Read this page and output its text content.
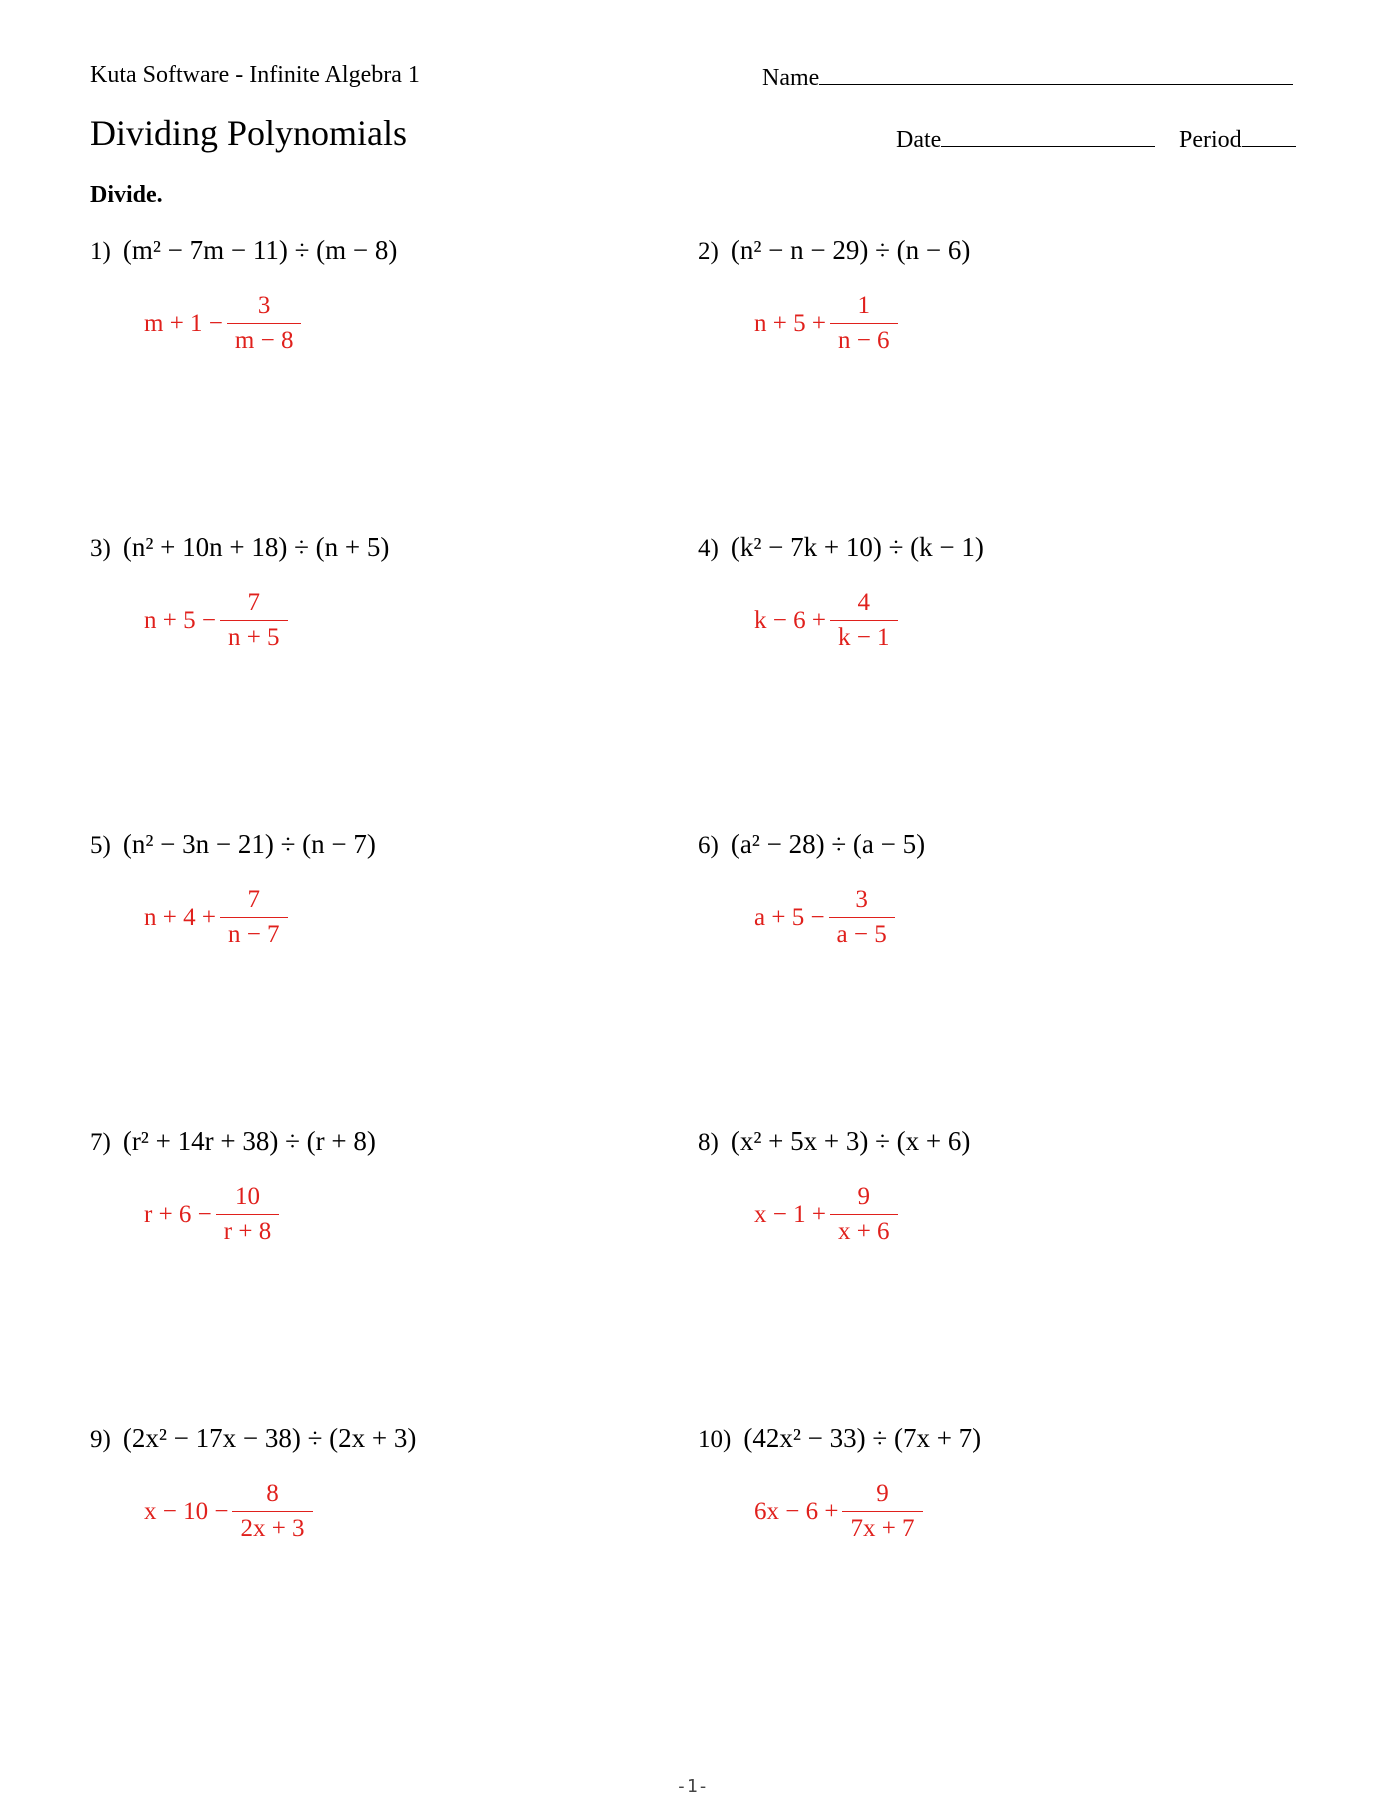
Kuta Software - Infinite Algebra 1	Name
Dividing Polynomials	Date	Period
Divide.
1) (m² − 7m − 11) ÷ (m − 8)
$m + 1 - \frac{3}{m - 8}$
2) (n² − n − 29) ÷ (n − 6)
$n + 5 + \frac{1}{n - 6}$
3) (n² + 10n + 18) ÷ (n + 5)
$n + 5 - \frac{7}{n + 5}$
4) (k² − 7k + 10) ÷ (k − 1)
$k - 6 + \frac{4}{k - 1}$
5) (n² − 3n − 21) ÷ (n − 7)
$n + 4 + \frac{7}{n - 7}$
6) (a² − 28) ÷ (a − 5)
$a + 5 - \frac{3}{a - 5}$
7) (r² + 14r + 38) ÷ (r + 8)
$r + 6 - \frac{10}{r + 8}$
8) (x² + 5x + 3) ÷ (x + 6)
$x - 1 + \frac{9}{x + 6}$
9) (2x² − 17x − 38) ÷ (2x + 3)
$x - 10 - \frac{8}{2x + 3}$
10) (42x² − 33) ÷ (7x + 7)
$6x - 6 + \frac{9}{7x + 7}$
-1-
